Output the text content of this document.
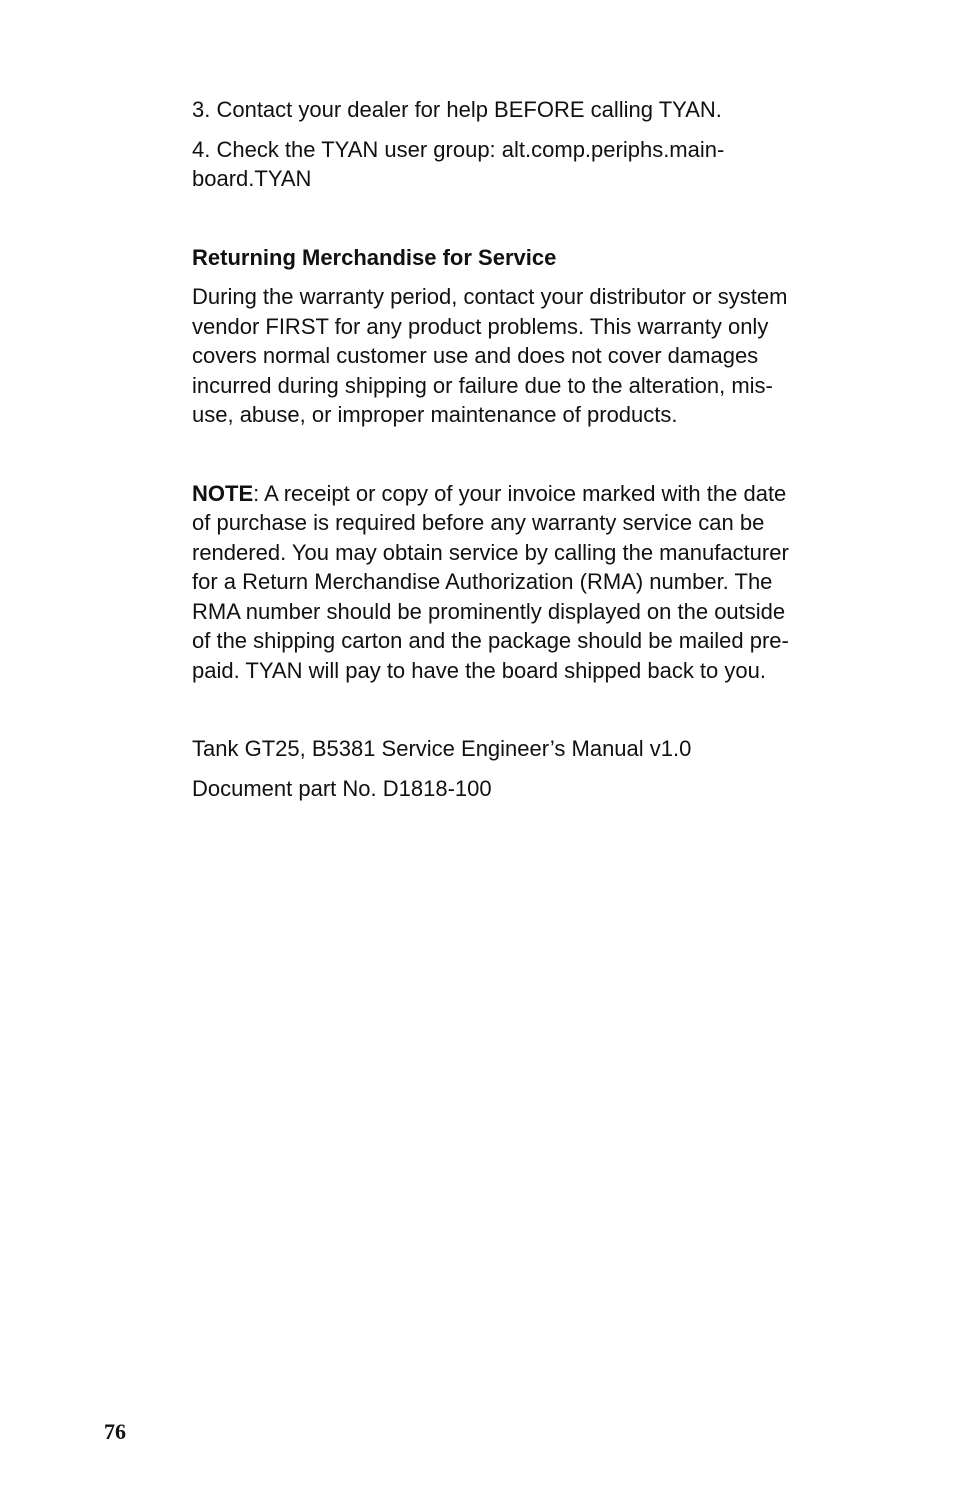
3. Contact your dealer for help BEFORE calling TYAN.

4. Check the TYAN user group: alt.comp.periphs.main-
board.TYAN

Returning Merchandise for Service

During the warranty period, contact your distributor or system
vendor FIRST for any product problems. This warranty only
covers normal customer use and does not cover damages
incurred during shipping or failure due to the alteration, mis-
use, abuse, or improper maintenance of products.

NOTE: A receipt or copy of your invoice marked with the date
of purchase is required before any warranty service can be
rendered. You may obtain service by calling the manufacturer
for a Return Merchandise Authorization (RMA) number. The
RMA number should be prominently displayed on the outside
of the shipping carton and the package should be mailed pre-
paid. TYAN will pay to have the board shipped back to you.

Tank GT25, B5381 Service Engineer’s Manual v1.0

Document part No. D1818-100

76
